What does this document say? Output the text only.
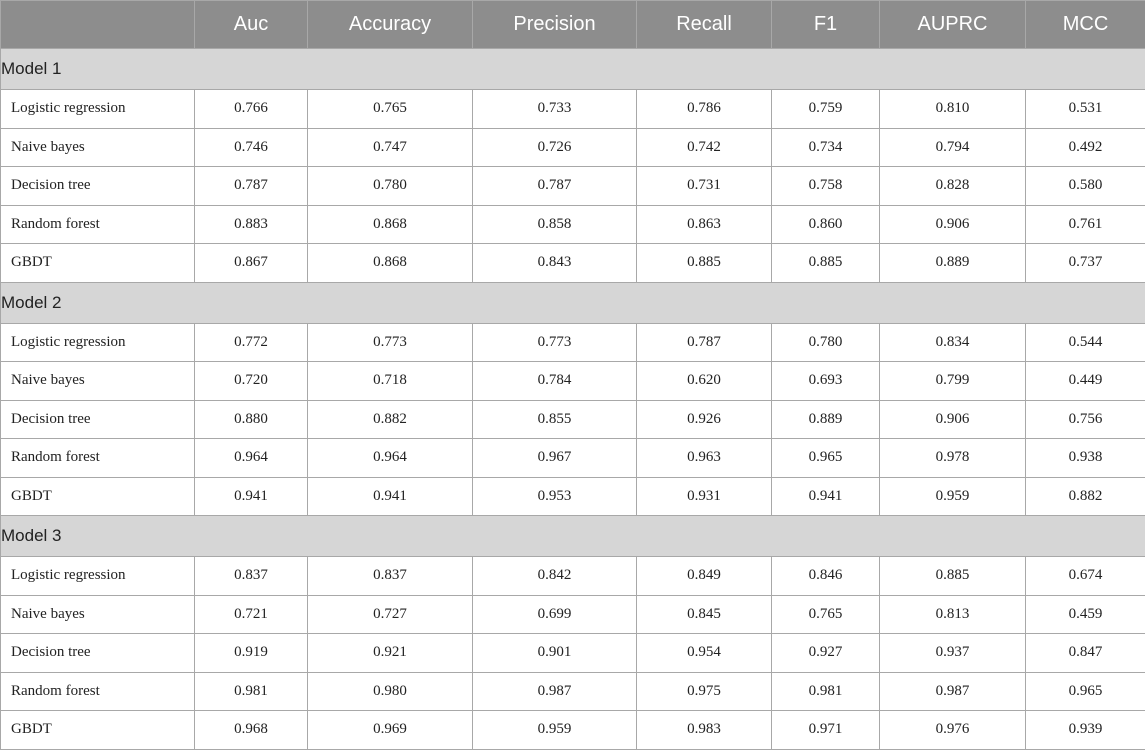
	Auc	Accuracy	Precision	Recall	F1	AUPRC	MCC
Model 1							
Logistic regression	0.766	0.765	0.733	0.786	0.759	0.810	0.531
Naive bayes	0.746	0.747	0.726	0.742	0.734	0.794	0.492
Decision tree	0.787	0.780	0.787	0.731	0.758	0.828	0.580
Random forest	0.883	0.868	0.858	0.863	0.860	0.906	0.761
GBDT	0.867	0.868	0.843	0.885	0.885	0.889	0.737
Model 2							
Logistic regression	0.772	0.773	0.773	0.787	0.780	0.834	0.544
Naive bayes	0.720	0.718	0.784	0.620	0.693	0.799	0.449
Decision tree	0.880	0.882	0.855	0.926	0.889	0.906	0.756
Random forest	0.964	0.964	0.967	0.963	0.965	0.978	0.938
GBDT	0.941	0.941	0.953	0.931	0.941	0.959	0.882
Model 3							
Logistic regression	0.837	0.837	0.842	0.849	0.846	0.885	0.674
Naive bayes	0.721	0.727	0.699	0.845	0.765	0.813	0.459
Decision tree	0.919	0.921	0.901	0.954	0.927	0.937	0.847
Random forest	0.981	0.980	0.987	0.975	0.981	0.987	0.965
GBDT	0.968	0.969	0.959	0.983	0.971	0.976	0.939
